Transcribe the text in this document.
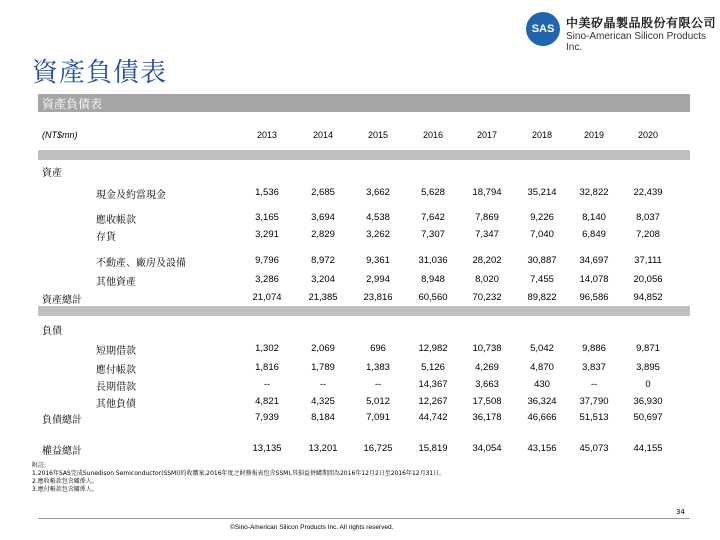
SAS 中美矽晶製品股份有限公司
Sino-American Silicon Products Inc.
資產負債表
資產負債表
(NT$mn)	2013	2014	2015	2016	2017	2018	2019	2020
資產
負債
現金及約當現金	1,536	2,685	3,662	5,628	18,794	35,214	32,822	22,439
應收帳款	3,165	3,694	4,538	7,642	7,869	9,226	8,140	8,037
存貨	3,291	2,829	3,262	7,307	7,347	7,040	6,849	7,208
不動產、廠房及設備	9,796	8,972	9,361	31,036	28,202	30,887	34,697	37,111
其他資產	3,286	3,204	2,994	8,948	8,020	7,455	14,078	20,056
資產總計	21,074	21,385	23,816	60,560	70,232	89,822	96,586	94,852
短期借款	1,302	2,069	696	12,982	10,738	5,042	9,886	9,871
應付帳款	1,816	1,789	1,383	5,126	4,269	4,870	3,837	3,895
長期借款	--	--	--	14,367	3,663	430	--	0
其他負債	4,821	4,325	5,012	12,267	17,508	36,324	37,790	36,930
負債總計	7,939	8,184	7,091	44,742	36,178	46,666	51,513	50,697
權益總計	13,135	13,201	16,725	15,819	34,054	43,156	45,073	44,155
附註:
1.2016年SAS完成Sunedison Semiconductor(SSMI)的收購案,2016年度之財務報表包含SSMI,其損益併購期間為2016年12月2日至2016年12月31日。
2.應收帳款包含關係人。
3.應付帳款包含關係人。
34
©Sino-American Silicon Products Inc. All rights reserved.
